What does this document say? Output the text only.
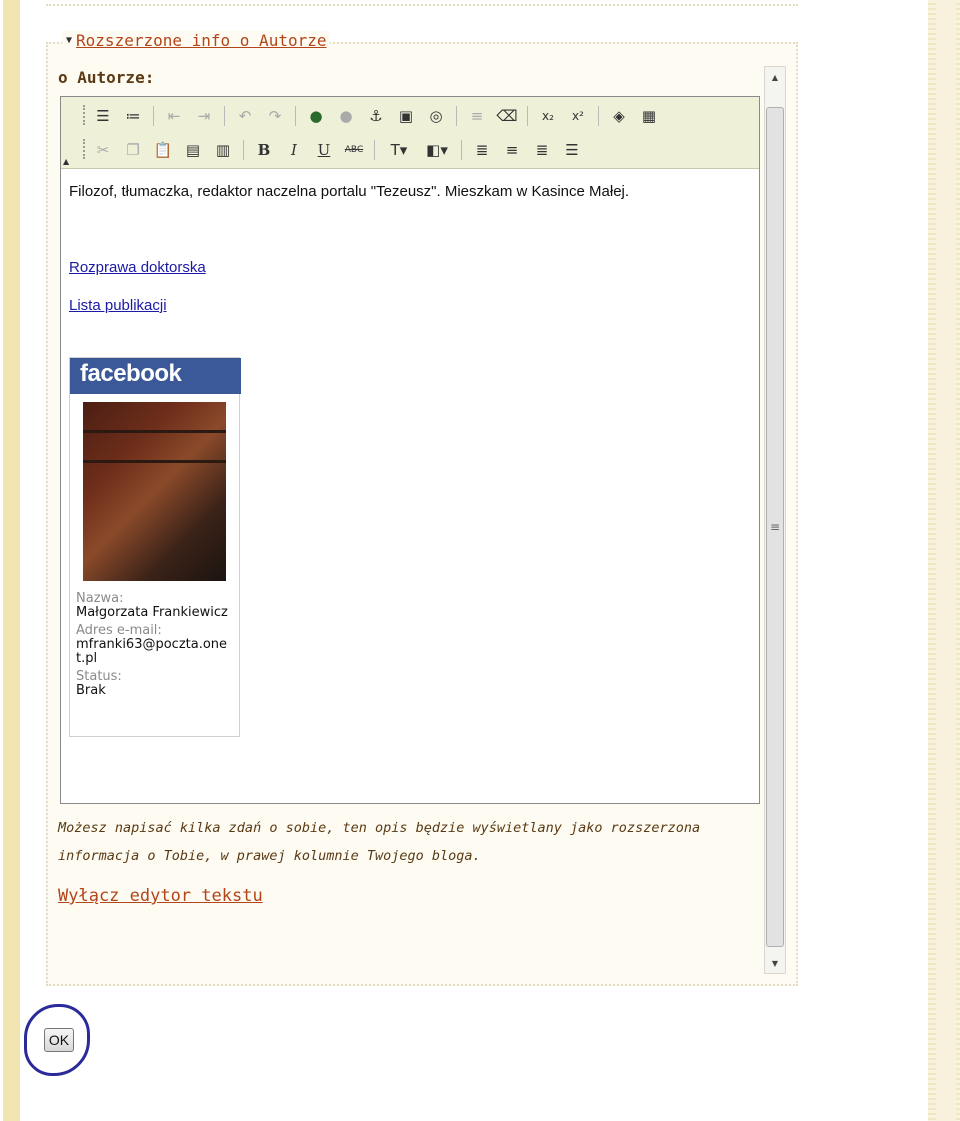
▼ Rozszerzone info o Autorze
o Autorze:
▲
☰	≔	⇤	⇥	↶	↷	●	●	⚓	▣	◎	≡ ⌫	x₂	x²	◈	▦
✂	❐ 📋 ▤	▥	B	I	U	ABC	T▾	◧▾	≣	≡	≣	☰
Filozof, tłumaczka, redaktor naczelna portalu "Tezeusz". Mieszkam w Kasince Małej.
Rozprawa doktorska
Lista publikacji
facebook
Nazwa:
Małgorzata Frankiewicz
Adres e-mail:
mfranki63@poczta.onet.pl
Status:
Brak
Możesz napisać kilka zdań o sobie, ten opis będzie wyświetlany jako rozszerzona informacja o Tobie, w prawej kolumnie Twojego bloga.
Wyłącz edytor tekstu
▲
≡
▼
OK
